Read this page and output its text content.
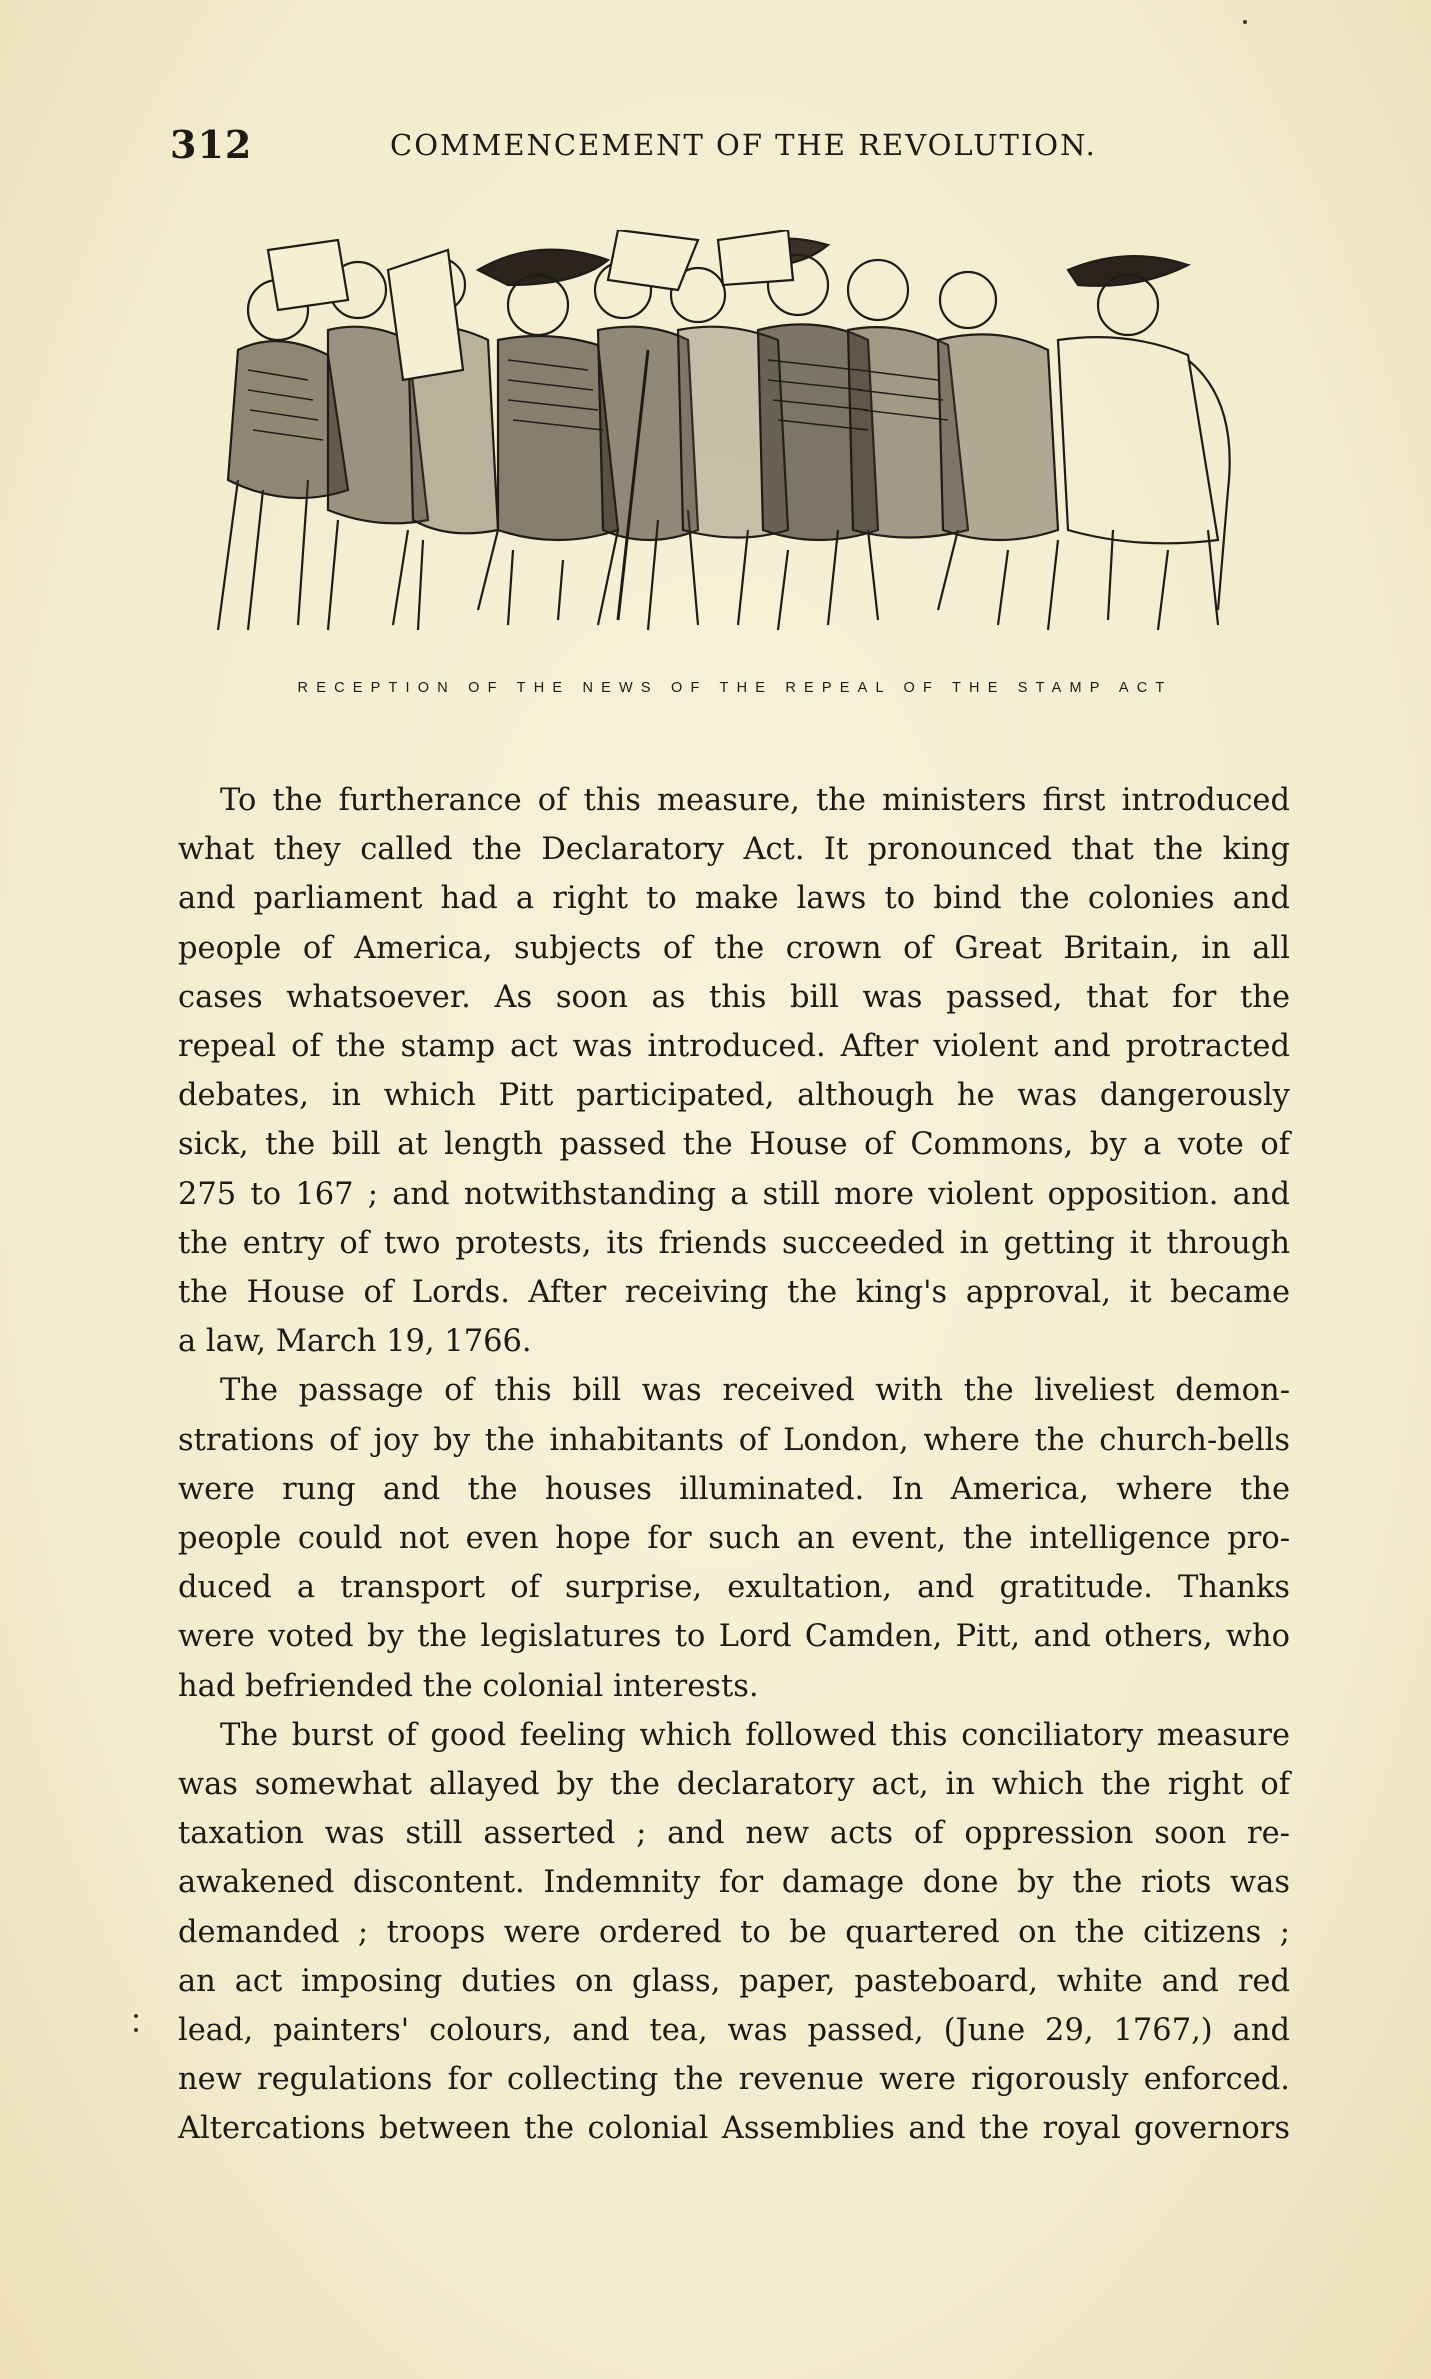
312	COMMENCEMENT OF THE REVOLUTION.
RECEPTION OF THE NEWS OF THE REPEAL OF THE STAMP ACT
To the furtherance of this measure, the ministers first introduced
what they called the Declaratory Act. It pronounced that the king
and parliament had a right to make laws to bind the colonies and
people of America, subjects of the crown of Great Britain, in all
cases whatsoever. As soon as this bill was passed, that for the
repeal of the stamp act was introduced. After violent and protracted
debates, in which Pitt participated, although he was dangerously
sick, the bill at length passed the House of Commons, by a vote of
275 to 167 ; and notwithstanding a still more violent opposition. and
the entry of two protests, its friends succeeded in getting it through
the House of Lords. After receiving the king's approval, it became
a law, March 19, 1766.
The passage of this bill was received with the liveliest demon-
strations of joy by the inhabitants of London, where the church-bells
were rung and the houses illuminated. In America, where the
people could not even hope for such an event, the intelligence pro-
duced a transport of surprise, exultation, and gratitude. Thanks
were voted by the legislatures to Lord Camden, Pitt, and others, who
had befriended the colonial interests.
The burst of good feeling which followed this conciliatory measure
was somewhat allayed by the declaratory act, in which the right of
taxation was still asserted ; and new acts of oppression soon re-
awakened discontent. Indemnity for damage done by the riots was
demanded ; troops were ordered to be quartered on the citizens ;
an act imposing duties on glass, paper, pasteboard, white and red
lead, painters' colours, and tea, was passed, (June 29, 1767,) and
new regulations for collecting the revenue were rigorously enforced.
Altercations between the colonial Assemblies and the royal governors
